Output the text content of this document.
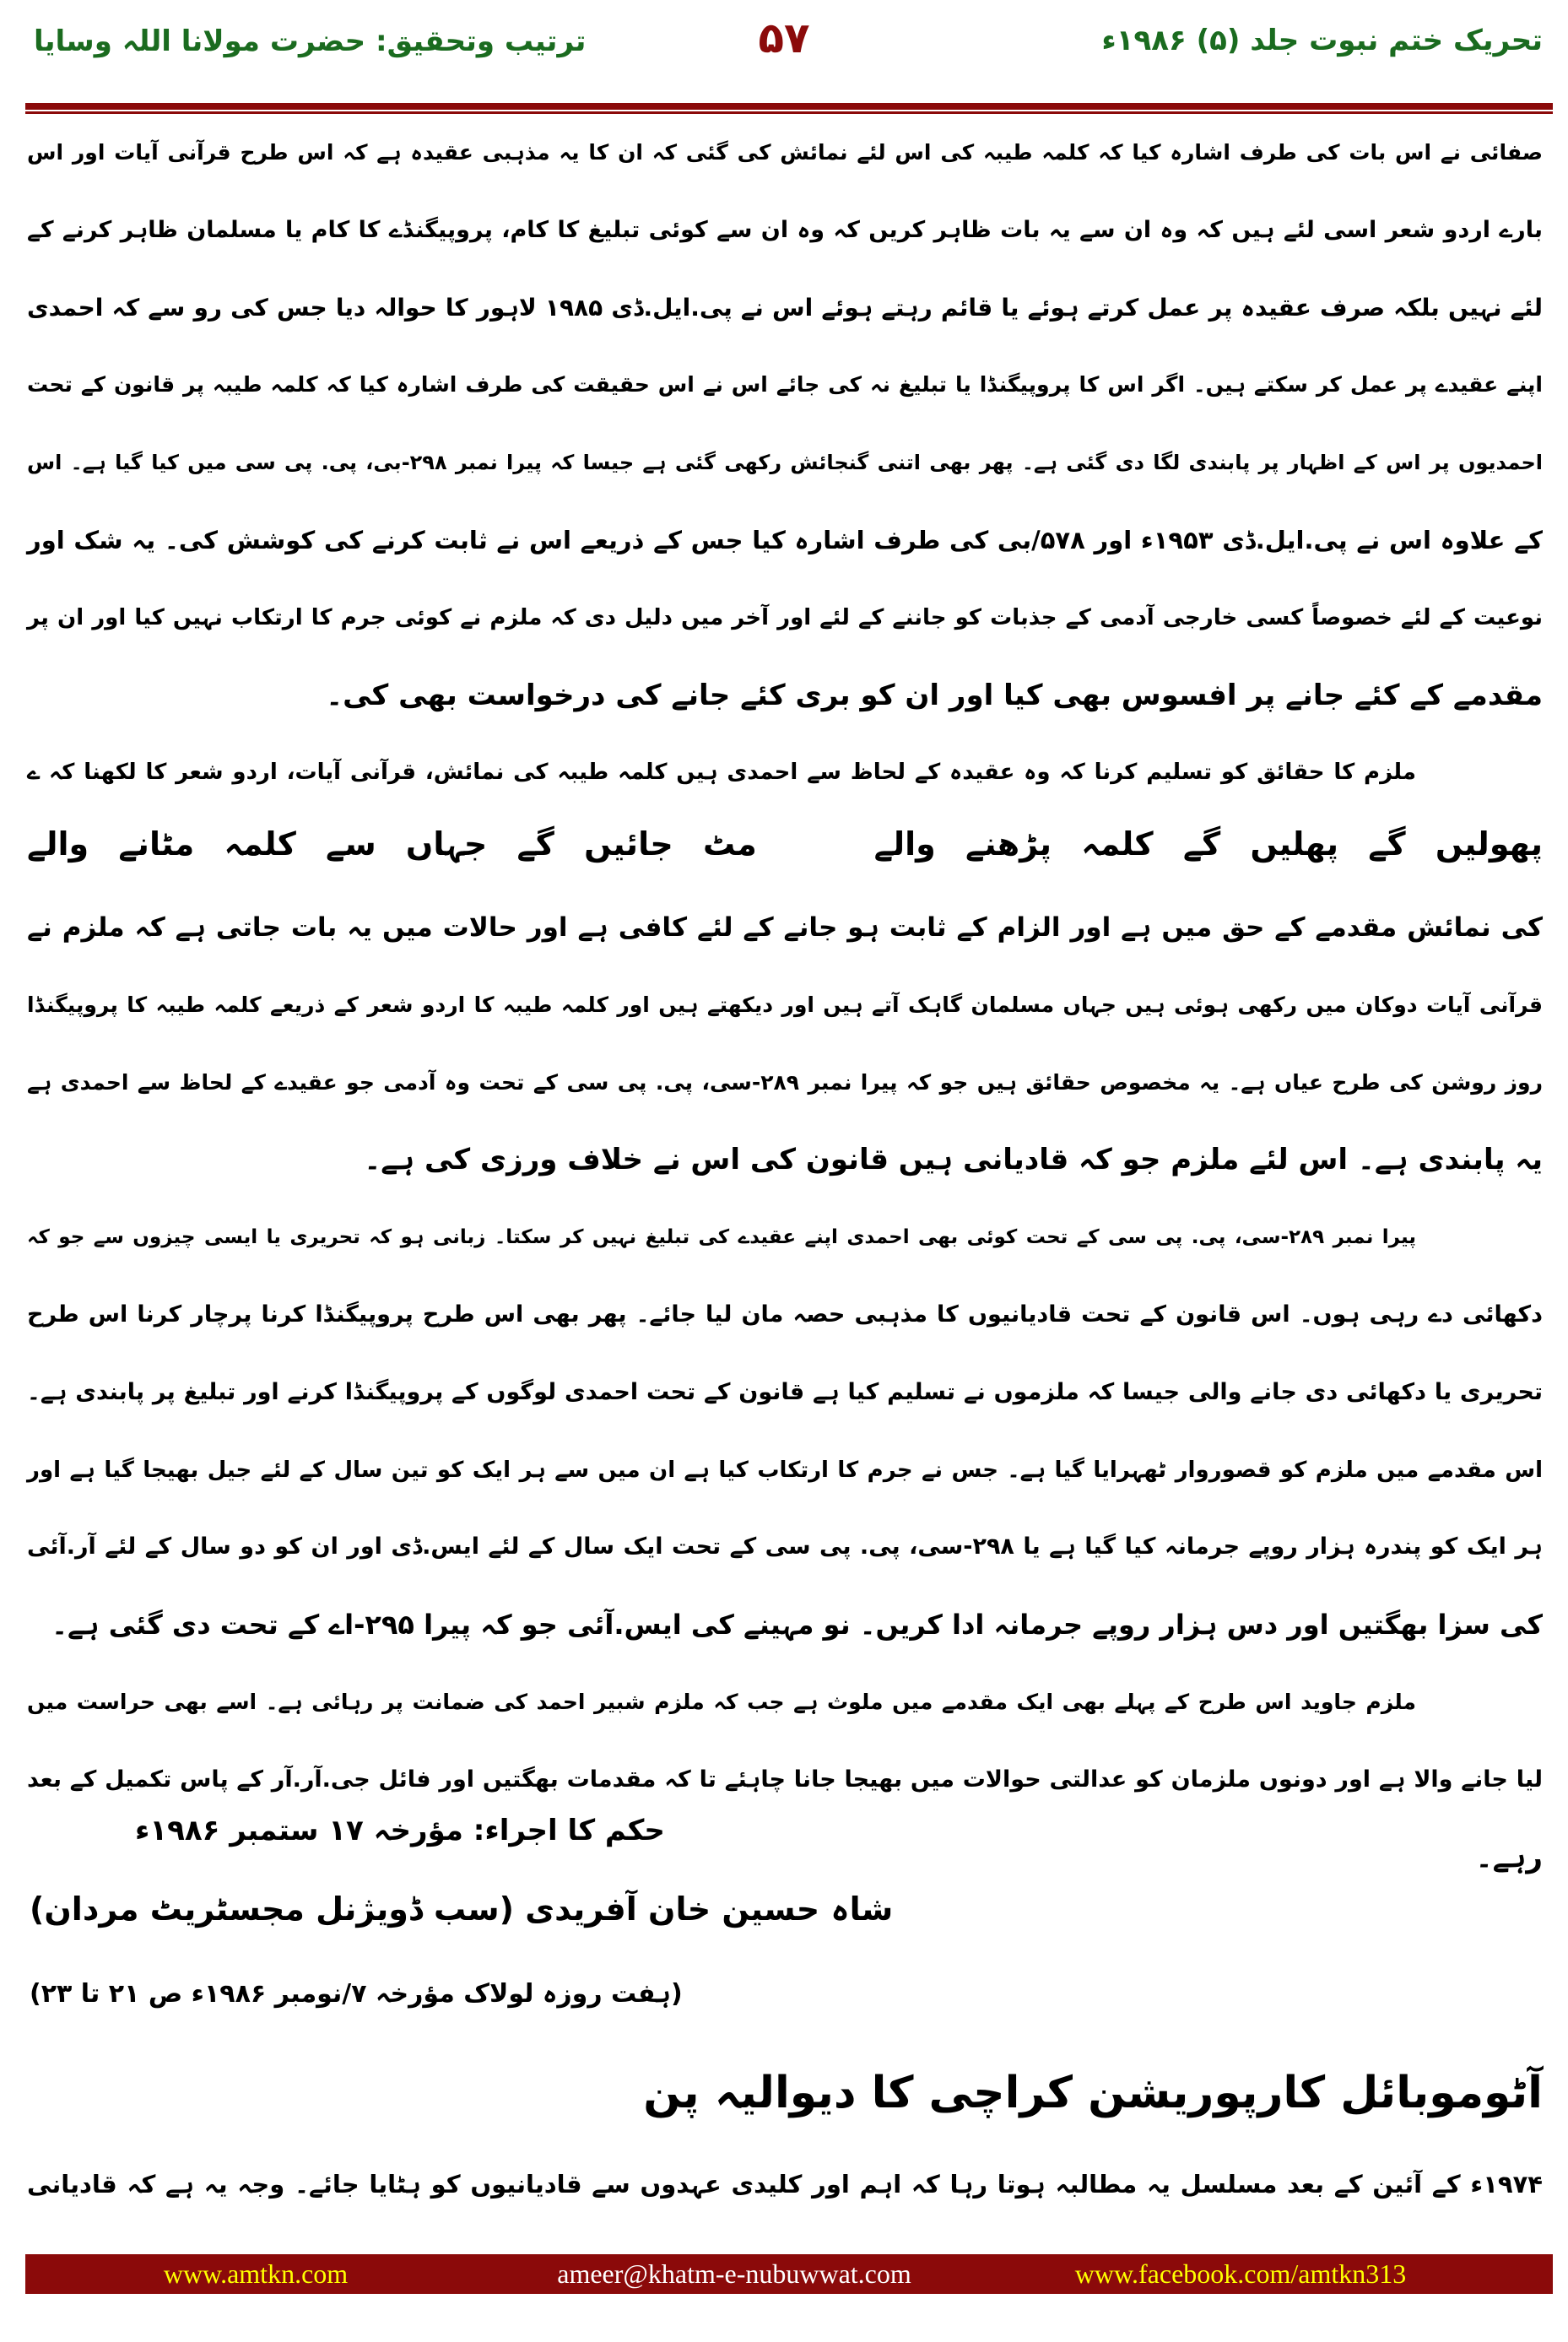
تحریک ختم نبوت جلد (۵) ۱۹۸۶ء
۵۷
ترتیب وتحقیق: حضرت مولانا اللہ وسایا
صفائی نے اس بات کی طرف اشارہ کیا کہ کلمہ طیبہ کی اس لئے نمائش کی گئی کہ ان کا یہ مذہبی عقیدہ ہے کہ اس طرح قرآنی آیات اور اس
بارے اردو شعر اسی لئے ہیں کہ وہ ان سے یہ بات ظاہر کریں کہ وہ ان سے کوئی تبلیغ کا کام، پروپیگنڈے کا کام یا مسلمان ظاہر کرنے کے
لئے نہیں بلکہ صرف عقیدہ پر عمل کرتے ہوئے یا قائم رہتے ہوئے اس نے پی.ایل.ڈی ۱۹۸۵ لاہور کا حوالہ دیا جس کی رو سے کہ احمدی
اپنے عقیدے پر عمل کر سکتے ہیں۔ اگر اس کا پروپیگنڈا یا تبلیغ نہ کی جائے اس نے اس حقیقت کی طرف اشارہ کیا کہ کلمہ طیبہ پر قانون کے تحت
احمدیوں پر اس کے اظہار پر پابندی لگا دی گئی ہے۔ پھر بھی اتنی گنجائش رکھی گئی ہے جیسا کہ پیرا نمبر ۲۹۸-بی، پی. پی سی میں کیا گیا ہے۔ اس
کے علاوہ اس نے پی.ایل.ڈی ۱۹۵۳ء اور ۵۷۸/بی کی طرف اشارہ کیا جس کے ذریعے اس نے ثابت کرنے کی کوشش کی۔ یہ شک اور
نوعیت کے لئے خصوصاً کسی خارجی آدمی کے جذبات کو جاننے کے لئے اور آخر میں دلیل دی کہ ملزم نے کوئی جرم کا ارتکاب نہیں کیا اور ان پر
مقدمے کے کئے جانے پر افسوس بھی کیا اور ان کو بری کئے جانے کی درخواست بھی کی۔
ملزم کا حقائق کو تسلیم کرنا کہ وہ عقیدہ کے لحاظ سے احمدی ہیں کلمہ طیبہ کی نمائش، قرآنی آیات، اردو شعر کا لکھنا کہ ے
کی نمائش مقدمے کے حق میں ہے اور الزام کے ثابت ہو جانے کے لئے کافی ہے اور حالات میں یہ بات جاتی ہے کہ ملزم نے
قرآنی آیات دوکان میں رکھی ہوئی ہیں جہاں مسلمان گاہک آتے ہیں اور دیکھتے ہیں اور کلمہ طیبہ کا اردو شعر کے ذریعے کلمہ طیبہ کا پروپیگنڈا
روز روشن کی طرح عیاں ہے۔ یہ مخصوص حقائق ہیں جو کہ پیرا نمبر ۲۸۹-سی، پی. پی سی کے تحت وہ آدمی جو عقیدے کے لحاظ سے احمدی ہے
یہ پابندی ہے۔ اس لئے ملزم جو کہ قادیانی ہیں قانون کی اس نے خلاف ورزی کی ہے۔
پیرا نمبر ۲۸۹-سی، پی. پی سی کے تحت کوئی بھی احمدی اپنے عقیدے کی تبلیغ نہیں کر سکتا۔ زبانی ہو کہ تحریری یا ایسی چیزوں سے جو کہ
دکھائی دے رہی ہوں۔ اس قانون کے تحت قادیانیوں کا مذہبی حصہ مان لیا جائے۔ پھر بھی اس طرح پروپیگنڈا کرنا پرچار کرنا اس طرح
تحریری یا دکھائی دی جانے والی جیسا کہ ملزموں نے تسلیم کیا ہے قانون کے تحت احمدی لوگوں کے پروپیگنڈا کرنے اور تبلیغ پر پابندی ہے۔
اس مقدمے میں ملزم کو قصوروار ٹھہرایا گیا ہے۔ جس نے جرم کا ارتکاب کیا ہے ان میں سے ہر ایک کو تین سال کے لئے جیل بھیجا گیا ہے اور
ہر ایک کو پندرہ ہزار روپے جرمانہ کیا گیا ہے یا ۲۹۸-سی، پی. پی سی کے تحت ایک سال کے لئے ایس.ڈی اور ان کو دو سال کے لئے آر.آئی
کی سزا بھگتیں اور دس ہزار روپے جرمانہ ادا کریں۔ نو مہینے کی ایس.آئی جو کہ پیرا ۲۹۵-اے کے تحت دی گئی ہے۔
ملزم جاوید اس طرح کے پہلے بھی ایک مقدمے میں ملوث ہے جب کہ ملزم شبیر احمد کی ضمانت پر رہائی ہے۔ اسے بھی حراست میں
لیا جانے والا ہے اور دونوں ملزمان کو عدالتی حوالات میں بھیجا جانا چاہئے تا کہ مقدمات بھگتیں اور فائل جی.آر.آر کے پاس تکمیل کے بعد
رہے۔
پھولیں گے پھلیں گے کلمہ پڑھنے والے
مٹ جائیں گے جہاں سے کلمہ مٹانے والے
حکم کا اجراء: مؤرخہ ۱۷ ستمبر ۱۹۸۶ء
شاہ حسین خان آفریدی (سب ڈویژنل مجسٹریٹ مردان)
(ہفت روزہ لولاک مؤرخہ ۷/نومبر ۱۹۸۶ء ص ۲۱ تا ۲۳)
آٹوموبائل کارپوریشن کراچی کا دیوالیہ پن
۱۹۷۴ء کے آئین کے بعد مسلسل یہ مطالبہ ہوتا رہا کہ اہم اور کلیدی عہدوں سے قادیانیوں کو ہٹایا جائے۔ وجہ یہ ہے کہ قادیانی
www.amtkn.com	ameer@khatm-e-nubuwwat.com	www.facebook.com/amtkn313
